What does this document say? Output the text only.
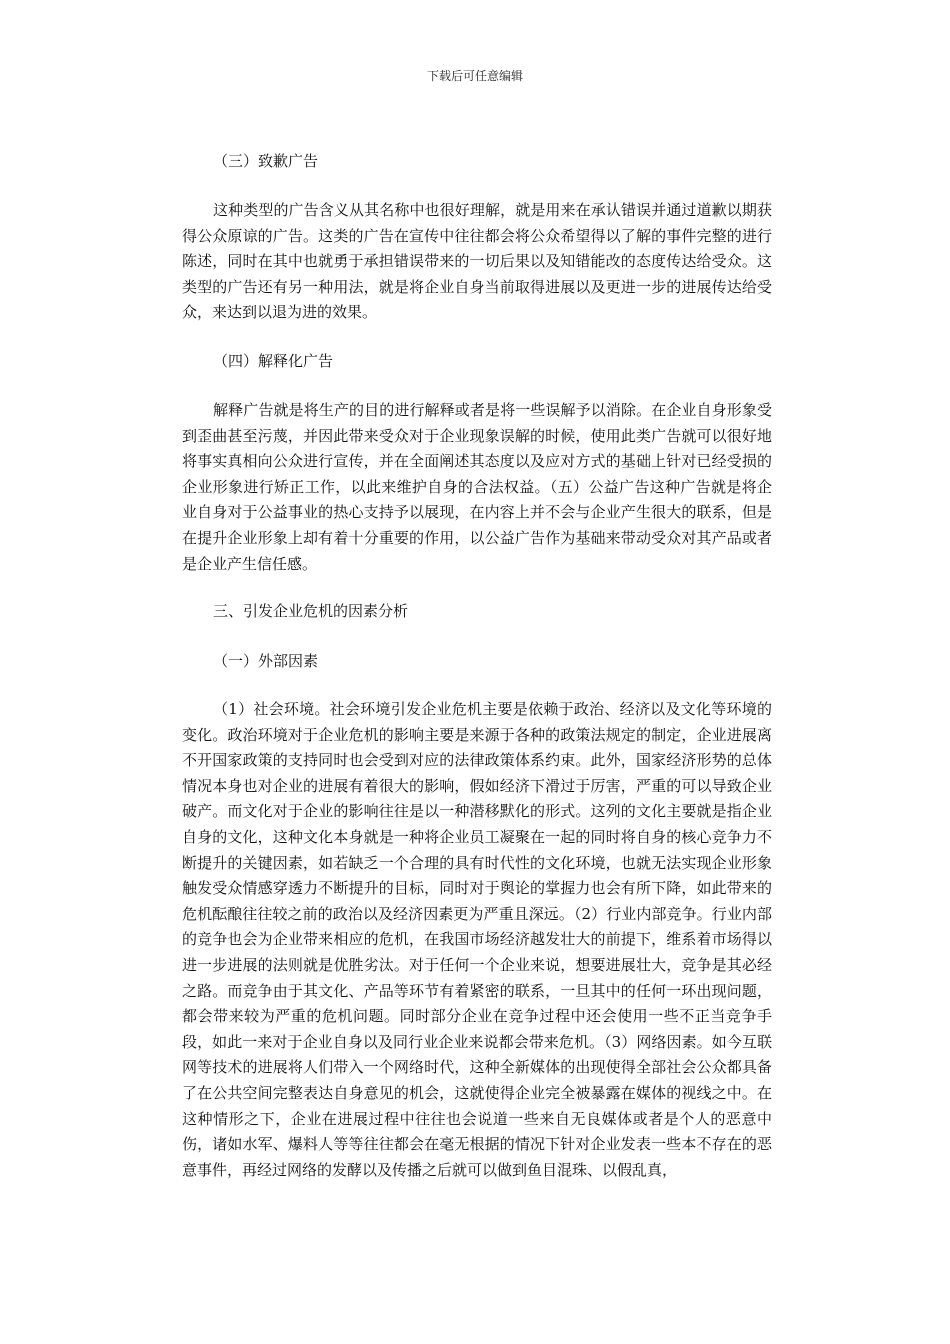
下载后可任意编辑
（三）致歉广告

这种类型的广告含义从其名称中也很好理解，就是用来在承认错误并通过道歉以期获得公众原谅的广告。这类的广告在宣传中往往都会将公众希望得以了解的事件完整的进行陈述，同时在其中也就勇于承担错误带来的一切后果以及知错能改的态度传达给受众。这类型的广告还有另一种用法，就是将企业自身当前取得进展以及更进一步的进展传达给受众，来达到以退为进的效果。

（四）解释化广告

解释广告就是将生产的目的进行解释或者是将一些误解予以消除。在企业自身形象受到歪曲甚至污蔑，并因此带来受众对于企业现象误解的时候，使用此类广告就可以很好地将事实真相向公众进行宣传，并在全面阐述其态度以及应对方式的基础上针对已经受损的企业形象进行矫正工作，以此来维护自身的合法权益。（五）公益广告这种广告就是将企业自身对于公益事业的热心支持予以展现，在内容上并不会与企业产生很大的联系，但是在提升企业形象上却有着十分重要的作用，以公益广告作为基础来带动受众对其产品或者是企业产生信任感。

三、引发企业危机的因素分析
（一）外部因素

（1）社会环境。社会环境引发企业危机主要是依赖于政治、经济以及文化等环境的变化。政治环境对于企业危机的影响主要是来源于各种的政策法规定的制定，企业进展离不开国家政策的支持同时也会受到对应的法律政策体系约束。此外，国家经济形势的总体情况本身也对企业的进展有着很大的影响，假如经济下滑过于厉害，严重的可以导致企业破产。而文化对于企业的影响往往是以一种潜移默化的形式。这列的文化主要就是指企业自身的文化，这种文化本身就是一种将企业员工凝聚在一起的同时将自身的核心竞争力不断提升的关键因素，如若缺乏一个合理的具有时代性的文化环境，也就无法实现企业形象触发受众情感穿透力不断提升的目标，同时对于舆论的掌握力也会有所下降，如此带来的危机酝酿往往较之前的政治以及经济因素更为严重且深远。（2）行业内部竞争。行业内部的竞争也会为企业带来相应的危机，在我国市场经济越发壮大的前提下，维系着市场得以进一步进展的法则就是优胜劣汰。对于任何一个企业来说，想要进展壮大，竞争是其必经之路。而竞争由于其文化、产品等环节有着紧密的联系，一旦其中的任何一环出现问题，都会带来较为严重的危机问题。同时部分企业在竞争过程中还会使用一些不正当竞争手段，如此一来对于企业自身以及同行业企业来说都会带来危机。（3）网络因素。如今互联网等技术的进展将人们带入一个网络时代，这种全新媒体的出现使得全部社会公众都具备了在公共空间完整表达自身意见的机会，这就使得企业完全被暴露在媒体的视线之中。在这种情形之下，企业在进展过程中往往也会说道一些来自无良媒体或者是个人的恶意中伤，诸如水军、爆料人等等往往都会在毫无根据的情况下针对企业发表一些本不存在的恶意事件，再经过网络的发酵以及传播之后就可以做到鱼目混珠、以假乱真，
